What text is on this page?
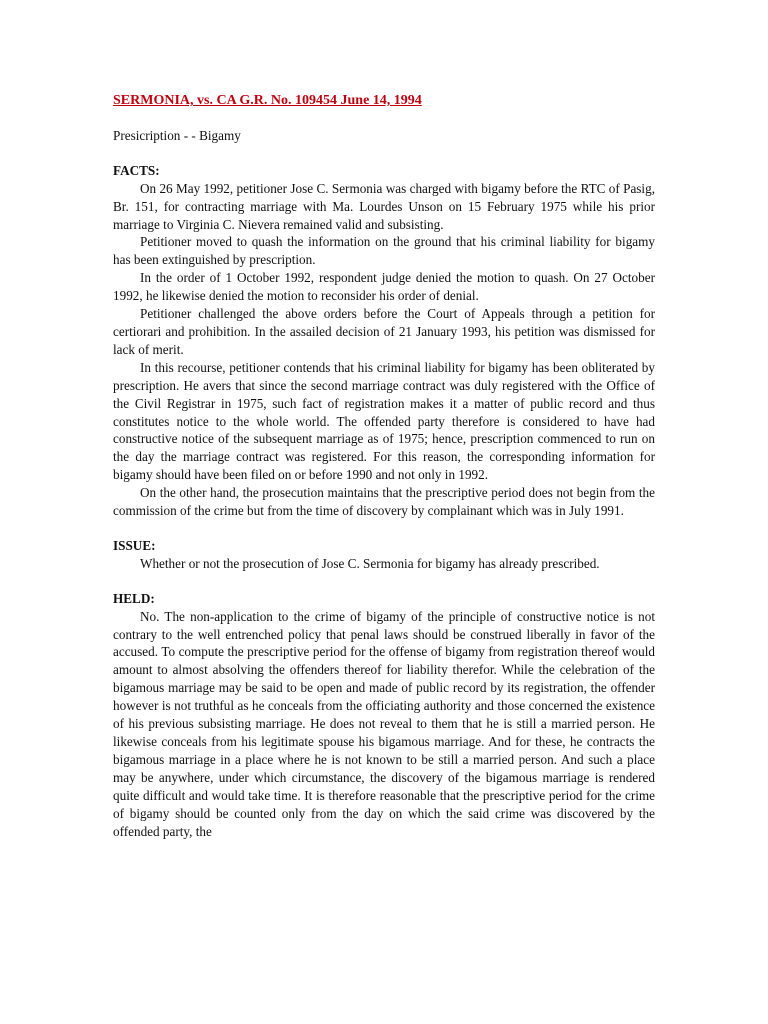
SERMONIA, vs. CA G.R. No. 109454 June 14, 1994

Presicription - - Bigamy

FACTS:

On 26 May 1992, petitioner Jose C. Sermonia was charged with bigamy before the RTC of Pasig, Br. 151, for contracting marriage with Ma. Lourdes Unson on 15 February 1975 while his prior marriage to Virginia C. Nievera remained valid and subsisting.

Petitioner moved to quash the information on the ground that his criminal liability for bigamy has been extinguished by prescription.

In the order of 1 October 1992, respondent judge denied the motion to quash. On 27 October 1992, he likewise denied the motion to reconsider his order of denial.

Petitioner challenged the above orders before the Court of Appeals through a petition for certiorari and prohibition. In the assailed decision of 21 January 1993, his petition was dismissed for lack of merit.

In this recourse, petitioner contends that his criminal liability for bigamy has been obliterated by prescription. He avers that since the second marriage contract was duly registered with the Office of the Civil Registrar in 1975, such fact of registration makes it a matter of public record and thus constitutes notice to the whole world. The offended party therefore is considered to have had constructive notice of the subsequent marriage as of 1975; hence, prescription commenced to run on the day the marriage contract was registered. For this reason, the corresponding information for bigamy should have been filed on or before 1990 and not only in 1992.

On the other hand, the prosecution maintains that the prescriptive period does not begin from the commission of the crime but from the time of discovery by complainant which was in July 1991.

ISSUE:

Whether or not the prosecution of Jose C. Sermonia for bigamy has already prescribed.

HELD:

No. The non-application to the crime of bigamy of the principle of constructive notice is not contrary to the well entrenched policy that penal laws should be construed liberally in favor of the accused. To compute the prescriptive period for the offense of bigamy from registration thereof would amount to almost absolving the offenders thereof for liability therefor. While the celebration of the bigamous marriage may be said to be open and made of public record by its registration, the offender however is not truthful as he conceals from the officiating authority and those concerned the existence of his previous subsisting marriage. He does not reveal to them that he is still a married person. He likewise conceals from his legitimate spouse his bigamous marriage. And for these, he contracts the bigamous marriage in a place where he is not known to be still a married person. And such a place may be anywhere, under which circumstance, the discovery of the bigamous marriage is rendered quite difficult and would take time. It is therefore reasonable that the prescriptive period for the crime of bigamy should be counted only from the day on which the said crime was discovered by the offended party, the
